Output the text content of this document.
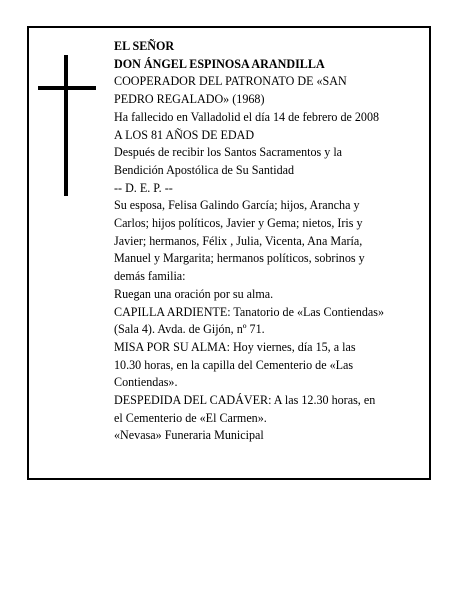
EL SEÑOR
DON ÁNGEL ESPINOSA ARANDILLA
COOPERADOR DEL PATRONATO DE «SAN
PEDRO REGALADO» (1968)
Ha fallecido en Valladolid el día 14 de febrero de 2008
A LOS 81 AÑOS DE EDAD
Después de recibir los Santos Sacramentos y la
Bendición Apostólica de Su Santidad
-- D. E. P. --
Su esposa, Felisa Galindo García; hijos, Arancha y
Carlos; hijos políticos, Javier y Gema; nietos, Iris y
Javier; hermanos, Félix , Julia, Vicenta, Ana María,
Manuel y Margarita; hermanos políticos, sobrinos y
demás familia:
Ruegan una oración por su alma.
CAPILLA ARDIENTE: Tanatorio de «Las Contiendas»
(Sala 4). Avda. de Gijón, nº 71.
MISA POR SU ALMA: Hoy viernes, día 15, a las
10.30 horas, en la capilla del Cementerio de «Las
Contiendas».
DESPEDIDA DEL CADÁVER: A las 12.30 horas, en
el Cementerio de «El Carmen».
«Nevasa» Funeraria Municipal
